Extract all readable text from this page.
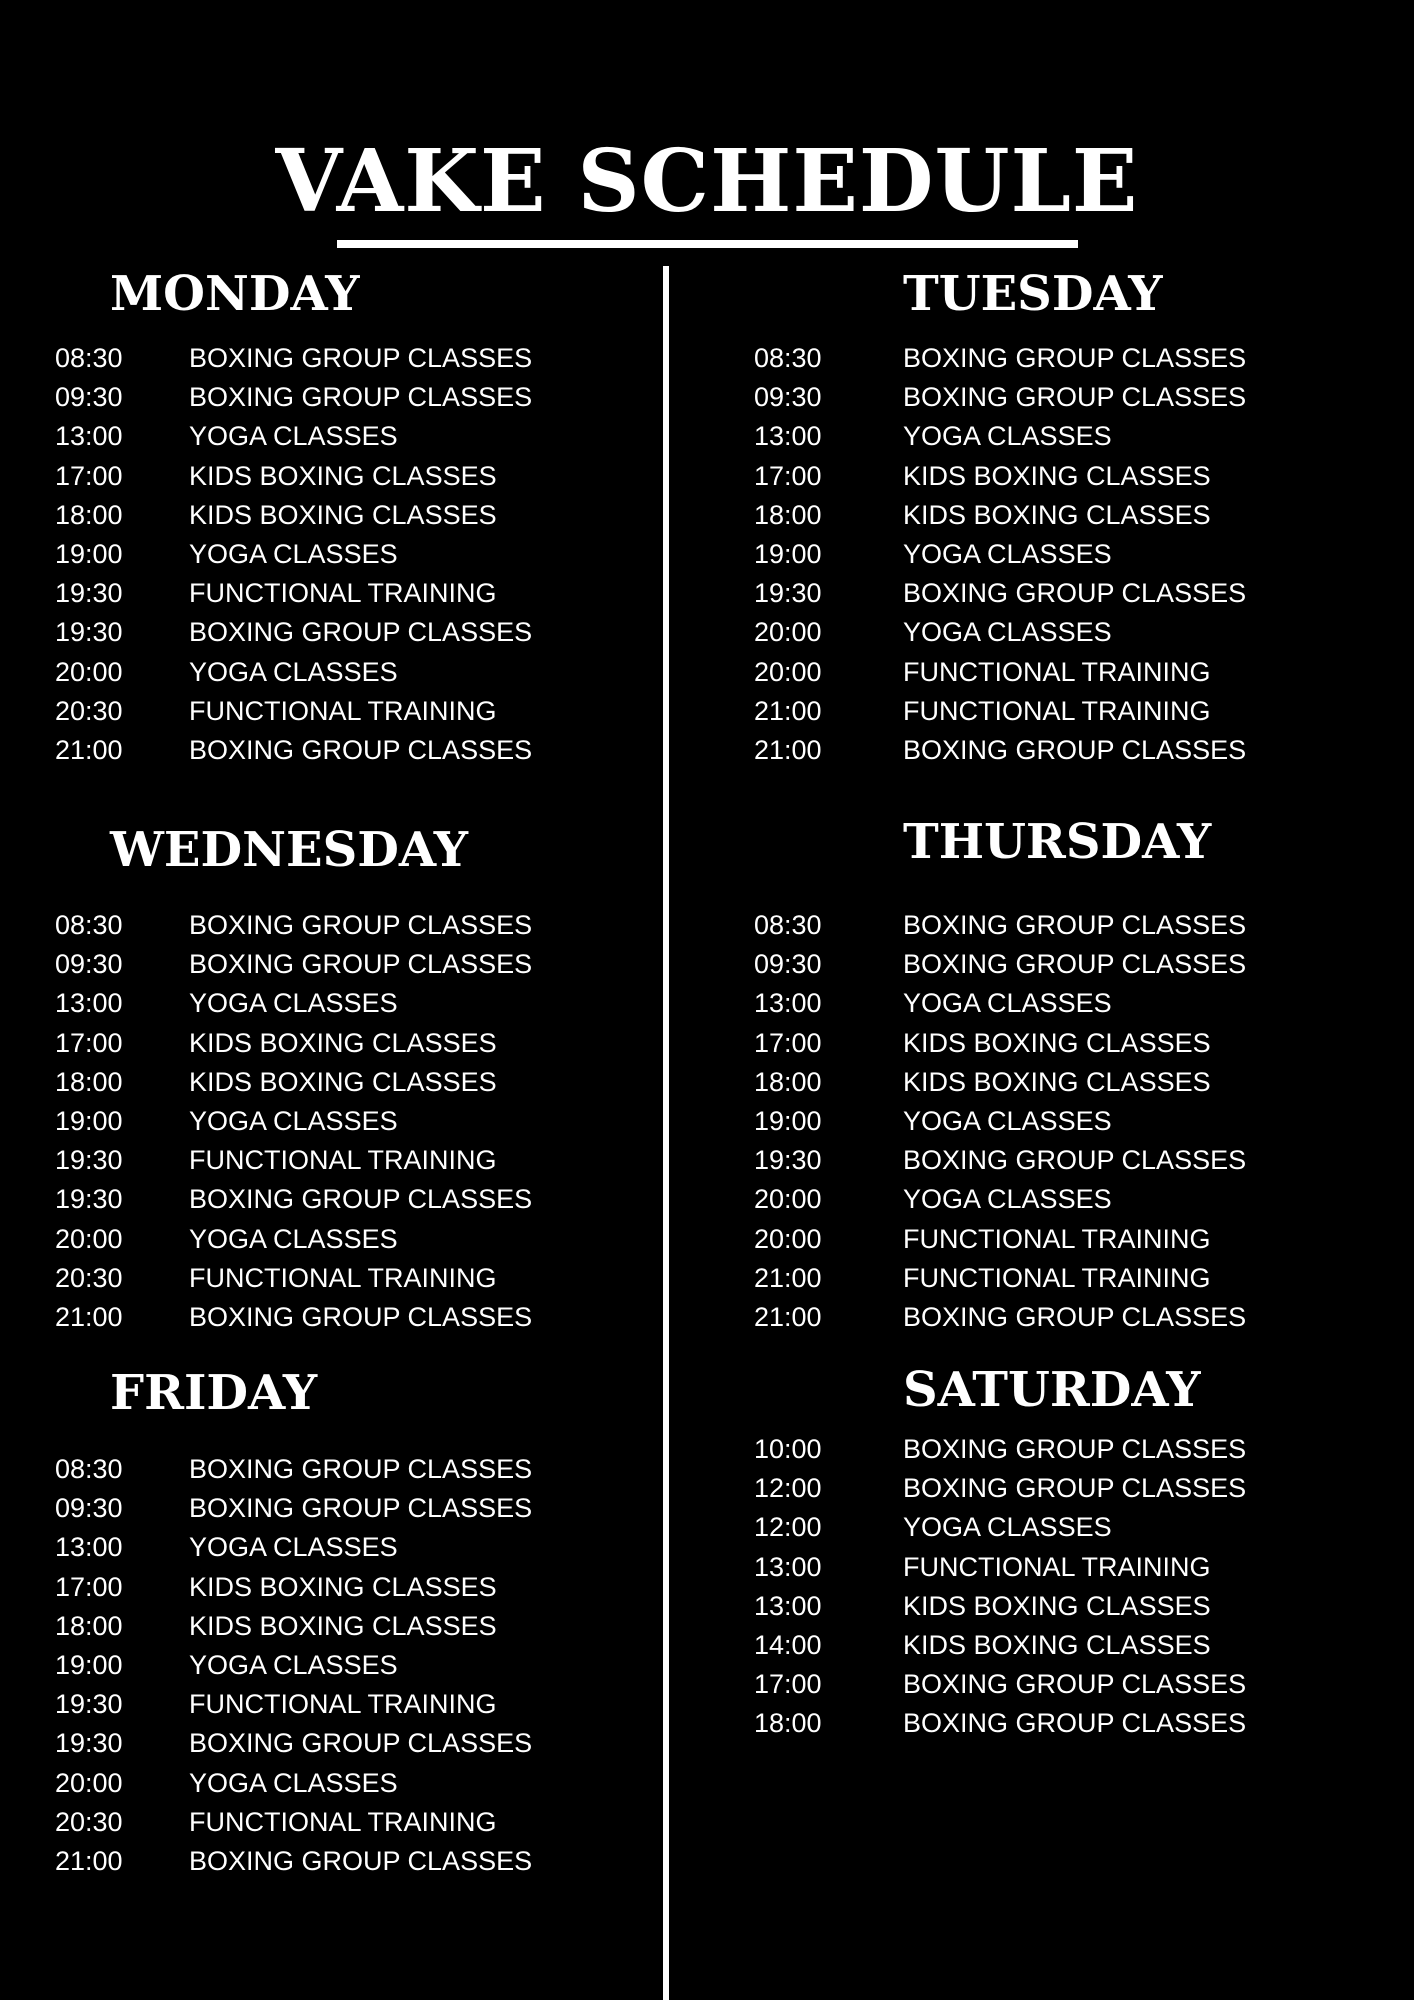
VAKE SCHEDULE
MONDAY
08:30 BOXING GROUP CLASSES
09:30 BOXING GROUP CLASSES
13:00 YOGA CLASSES
17:00 KIDS BOXING CLASSES
18:00 KIDS BOXING CLASSES
19:00 YOGA CLASSES
19:30 FUNCTIONAL TRAINING
19:30 BOXING GROUP CLASSES
20:00 YOGA CLASSES
20:30 FUNCTIONAL TRAINING
21:00 BOXING GROUP CLASSES
WEDNESDAY
08:30 BOXING GROUP CLASSES
09:30 BOXING GROUP CLASSES
13:00 YOGA CLASSES
17:00 KIDS BOXING CLASSES
18:00 KIDS BOXING CLASSES
19:00 YOGA CLASSES
19:30 FUNCTIONAL TRAINING
19:30 BOXING GROUP CLASSES
20:00 YOGA CLASSES
20:30 FUNCTIONAL TRAINING
21:00 BOXING GROUP CLASSES
FRIDAY
08:30 BOXING GROUP CLASSES
09:30 BOXING GROUP CLASSES
13:00 YOGA CLASSES
17:00 KIDS BOXING CLASSES
18:00 KIDS BOXING CLASSES
19:00 YOGA CLASSES
19:30 FUNCTIONAL TRAINING
19:30 BOXING GROUP CLASSES
20:00 YOGA CLASSES
20:30 FUNCTIONAL TRAINING
21:00 BOXING GROUP CLASSES
TUESDAY
08:30	BOXING GROUP CLASSES
09:30	BOXING GROUP CLASSES
13:00	YOGA CLASSES
17:00	KIDS BOXING CLASSES
18:00	KIDS BOXING CLASSES
19:00	YOGA CLASSES
19:30	BOXING GROUP CLASSES
20:00	YOGA CLASSES
20:00	FUNCTIONAL TRAINING
21:00	FUNCTIONAL TRAINING
21:00	BOXING GROUP CLASSES
THURSDAY
08:30	BOXING GROUP CLASSES
09:30	BOXING GROUP CLASSES
13:00	YOGA CLASSES
17:00	KIDS BOXING CLASSES
18:00	KIDS BOXING CLASSES
19:00	YOGA CLASSES
19:30	BOXING GROUP CLASSES
20:00	YOGA CLASSES
20:00	FUNCTIONAL TRAINING
21:00	FUNCTIONAL TRAINING
21:00	BOXING GROUP CLASSES
SATURDAY
10:00	BOXING GROUP CLASSES
12:00	BOXING GROUP CLASSES
12:00	YOGA CLASSES
13:00	FUNCTIONAL TRAINING
13:00	KIDS BOXING CLASSES
14:00	KIDS BOXING CLASSES
17:00	BOXING GROUP CLASSES
18:00	BOXING GROUP CLASSES
